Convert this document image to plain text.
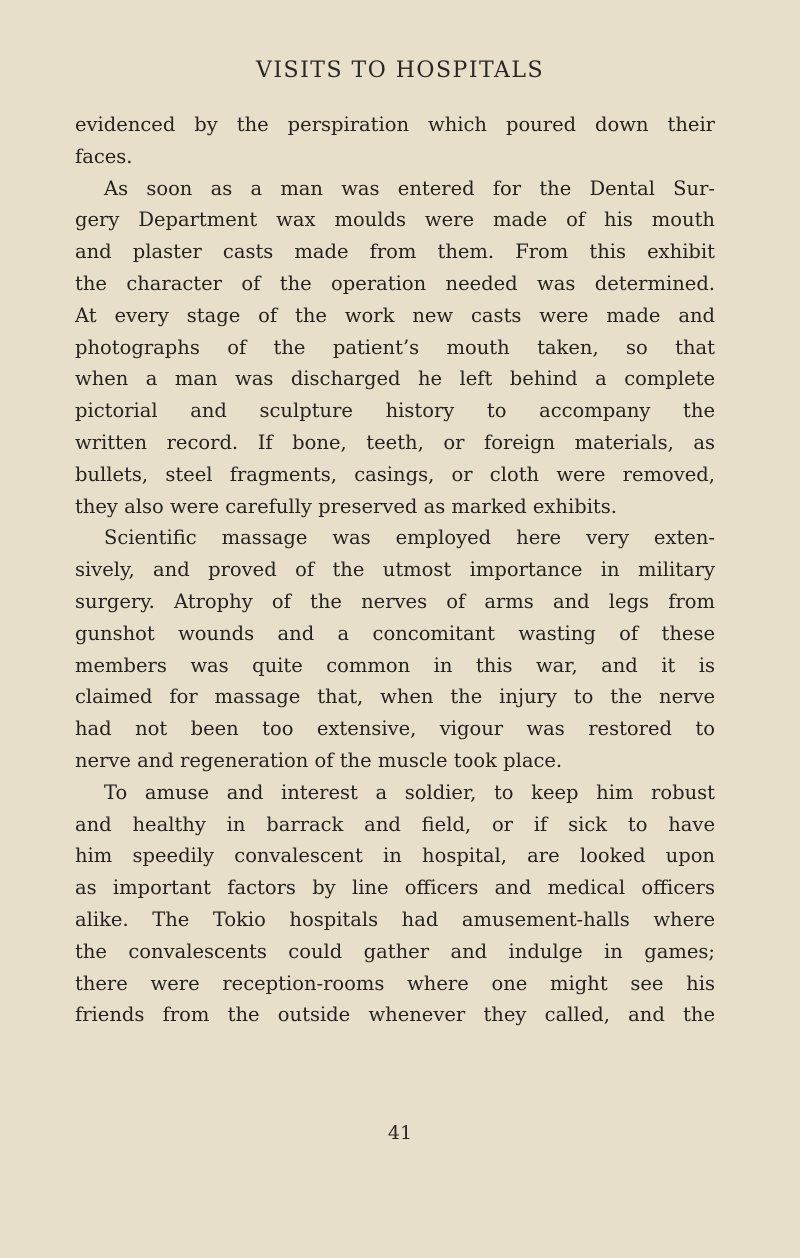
VISITS TO HOSPITALS
evidenced by the perspiration which poured down their
faces.
As soon as a man was entered for the Dental Sur-
gery Department wax moulds were made of his mouth
and plaster casts made from them. From this exhibit
the character of the operation needed was determined.
At every stage of the work new casts were made and
photographs of the patient’s mouth taken, so that
when a man was discharged he left behind a complete
pictorial and sculpture history to accompany the
written record. If bone, teeth, or foreign materials, as
bullets, steel fragments, casings, or cloth were removed,
they also were carefully preserved as marked exhibits.
Scientific massage was employed here very exten-
sively, and proved of the utmost importance in military
surgery. Atrophy of the nerves of arms and legs from
gunshot wounds and a concomitant wasting of these
members was quite common in this war, and it is
claimed for massage that, when the injury to the nerve
had not been too extensive, vigour was restored to
nerve and regeneration of the muscle took place.
To amuse and interest a soldier, to keep him robust
and healthy in barrack and field, or if sick to have
him speedily convalescent in hospital, are looked upon
as important factors by line officers and medical officers
alike. The Tokio hospitals had amusement-halls where
the convalescents could gather and indulge in games;
there were reception-rooms where one might see his
friends from the outside whenever they called, and the
41
